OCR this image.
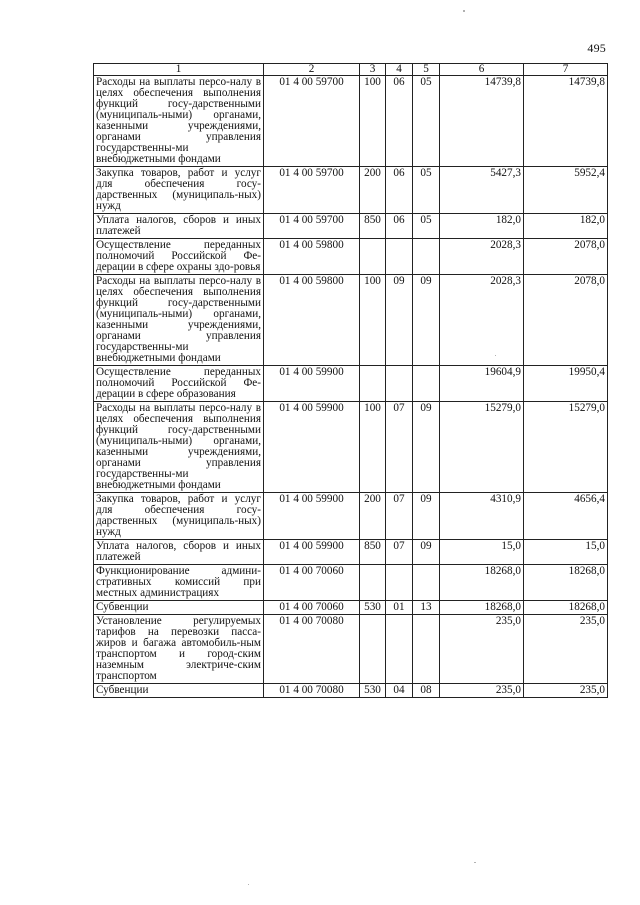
495
1	2	3	4	5	6	7
Расходы на выплаты персо-налу в целях обеспечения выполнения функций госу-дарственными (муниципаль-ными) органами, казенными учреждениями, органами управления государственны-ми внебюджетными фондами	01 4 00 59700	100	06	05	14739,8	14739,8
Закупка товаров, работ и услуг для обеспечения госу-дарственных (муниципаль-ных) нужд	01 4 00 59700	200	06	05	5427,3	5952,4
Уплата налогов, сборов и иных платежей	01 4 00 59700	850	06	05	182,0	182,0
Осуществление переданных полномочий Российской Фе-дерации в сфере охраны здо-ровья	01 4 00 59800				2028,3	2078,0
Расходы на выплаты персо-налу в целях обеспечения выполнения функций госу-дарственными (муниципаль-ными) органами, казенными учреждениями, органами управления государственны-ми внебюджетными фондами	01 4 00 59800	100	09	09	2028,3	2078,0
Осуществление переданных полномочий Российской Фе-дерации в сфере образования	01 4 00 59900				19604,9	19950,4
Расходы на выплаты персо-налу в целях обеспечения выполнения функций госу-дарственными (муниципаль-ными) органами, казенными учреждениями, органами управления государственны-ми внебюджетными фондами	01 4 00 59900	100	07	09	15279,0	15279,0
Закупка товаров, работ и услуг для обеспечения госу-дарственных (муниципаль-ных) нужд	01 4 00 59900	200	07	09	4310,9	4656,4
Уплата налогов, сборов и иных платежей	01 4 00 59900	850	07	09	15,0	15,0
Функционирование админи-стративных комиссий при местных администрациях	01 4 00 70060				18268,0	18268,0
Субвенции	01 4 00 70060	530	01	13	18268,0	18268,0
Установление регулируемых тарифов на перевозки пасса-жиров и багажа автомобиль-ным транспортом и город-ским наземным электриче-ским транспортом	01 4 00 70080				235,0	235,0
Субвенции	01 4 00 70080	530	04	08	235,0	235,0
